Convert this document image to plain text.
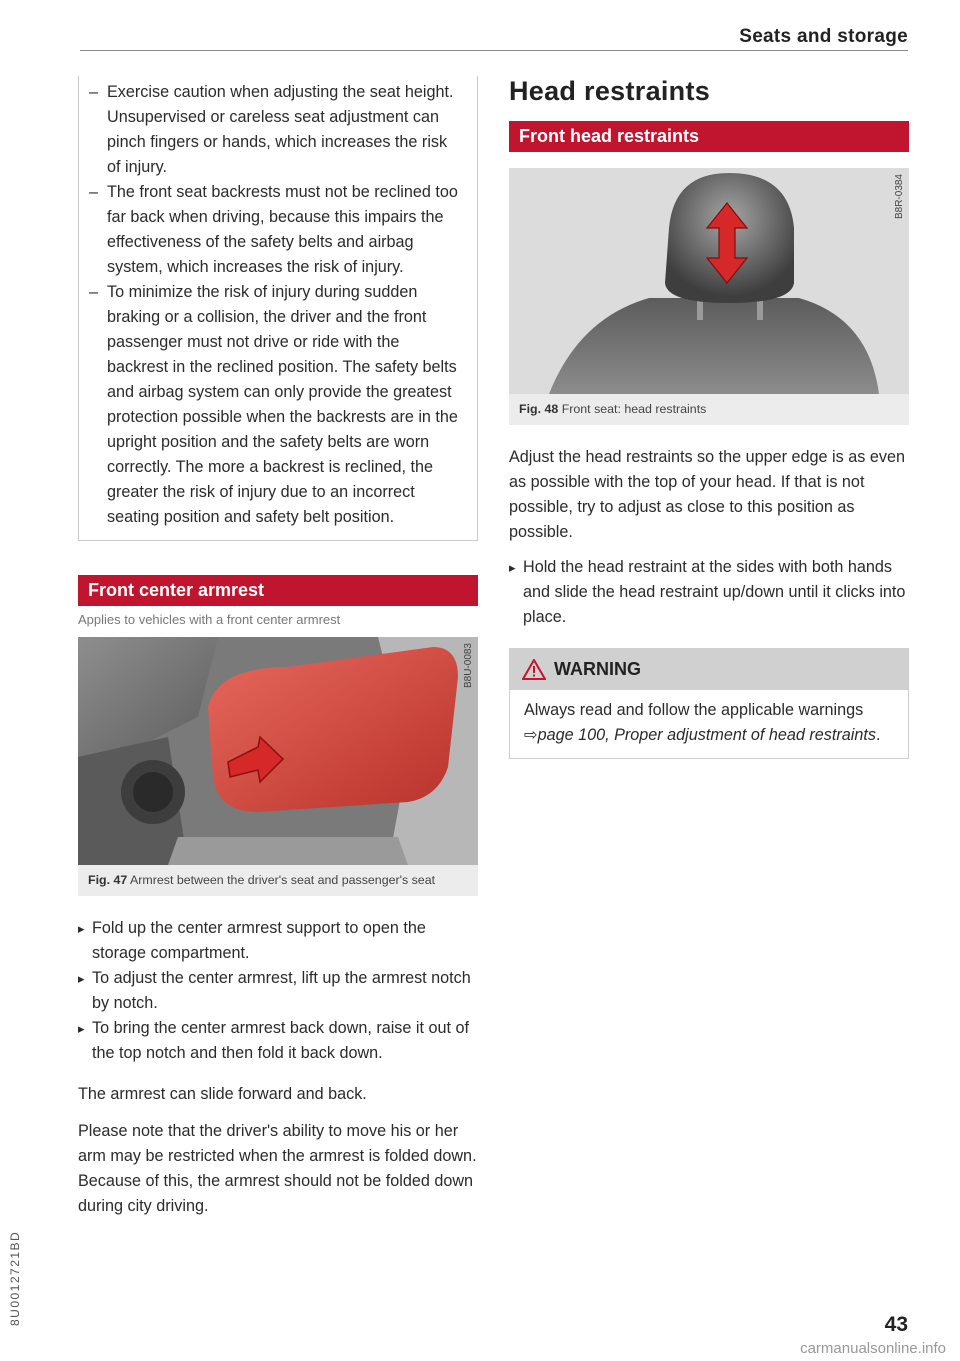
Seats and storage
– Exercise caution when adjusting the seat height. Unsupervised or careless seat adjustment can pinch fingers or hands, which increases the risk of injury.
– The front seat backrests must not be reclined too far back when driving, because this impairs the effectiveness of the safety belts and airbag system, which increases the risk of injury.
– To minimize the risk of injury during sudden braking or a collision, the driver and the front passenger must not drive or ride with the backrest in the reclined position. The safety belts and airbag system can only provide the greatest protection possible when the backrests are in the upright position and the safety belts are worn correctly. The more a backrest is reclined, the greater the risk of injury due to an incorrect seating position and safety belt position.
Front center armrest
Applies to vehicles with a front center armrest
B8U-0083
Fig. 47 Armrest between the driver's seat and passenger's seat
▸ Fold up the center armrest support to open the storage compartment.
▸ To adjust the center armrest, lift up the armrest notch by notch.
▸ To bring the center armrest back down, raise it out of the top notch and then fold it back down.

The armrest can slide forward and back.

Please note that the driver's ability to move his or her arm may be restricted when the armrest is folded down. Because of this, the armrest should not be folded down during city driving.

Head restraints
Front head restraints
B8R-0384
Fig. 48 Front seat: head restraints

Adjust the head restraints so the upper edge is as even as possible with the top of your head. If that is not possible, try to adjust as close to this position as possible.

▸ Hold the head restraint at the sides with both hands and slide the head restraint up/down until it clicks into place.
WARNING
Always read and follow the applicable warnings ⇨page 100, Proper adjustment of head restraints.
8U0012721BD	43
carmanualsonline.info
